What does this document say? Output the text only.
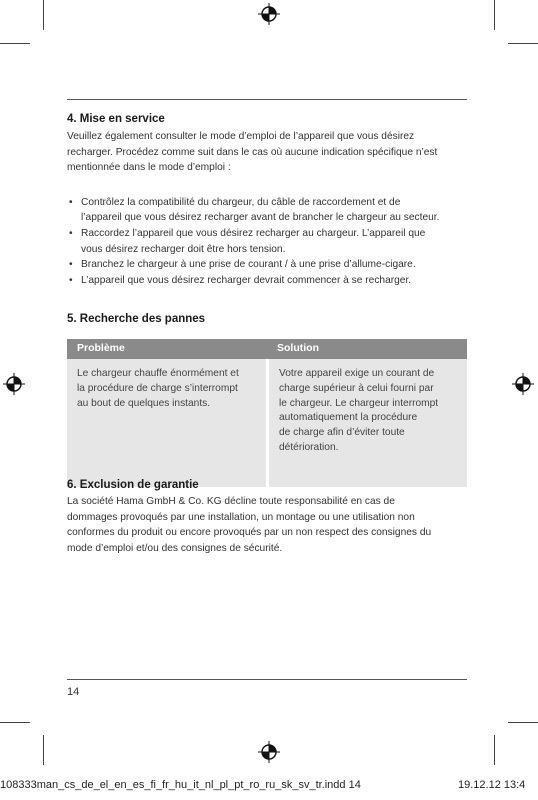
4. Mise en service

Veuillez également consulter le mode d’emploi de l’appareil que vous désirez
recharger. Procédez comme suit dans le cas où aucune indication spécifique n’est
mentionnée dans le mode d’emploi :

• Contrôlez la compatibilité du chargeur, du câble de raccordement et de
l’appareil que vous désirez recharger avant de brancher le chargeur au secteur.
• Raccordez l’appareil que vous désirez recharger au chargeur. L’appareil que
vous désirez recharger doit être hors tension.
• Branchez le chargeur à une prise de courant / à une prise d’allume-cigare.
• L’appareil que vous désirez recharger devrait commencer à se recharger.
5. Recherche des pannes
Problème	Solution
Le chargeur chauffe énormément et
la procédure de charge s’interrompt
au bout de quelques instants.
Votre appareil exige un courant de
charge supérieur à celui fourni par
le chargeur. Le chargeur interrompt
automatiquement la procédure
de charge afin d’éviter toute
détérioration.
6. Exclusion de garantie

La société Hama GmbH & Co. KG décline toute responsabilité en cas de
dommages provoqués par une installation, un montage ou une utilisation non
conformes du produit ou encore provoqués par un non respect des consignes du
mode d’emploi et/ou des consignes de sécurité.

14
108333man_cs_de_el_en_es_fi_fr_hu_it_nl_pl_pt_ro_ru_sk_sv_tr.indd 14	19.12.12 13:4
